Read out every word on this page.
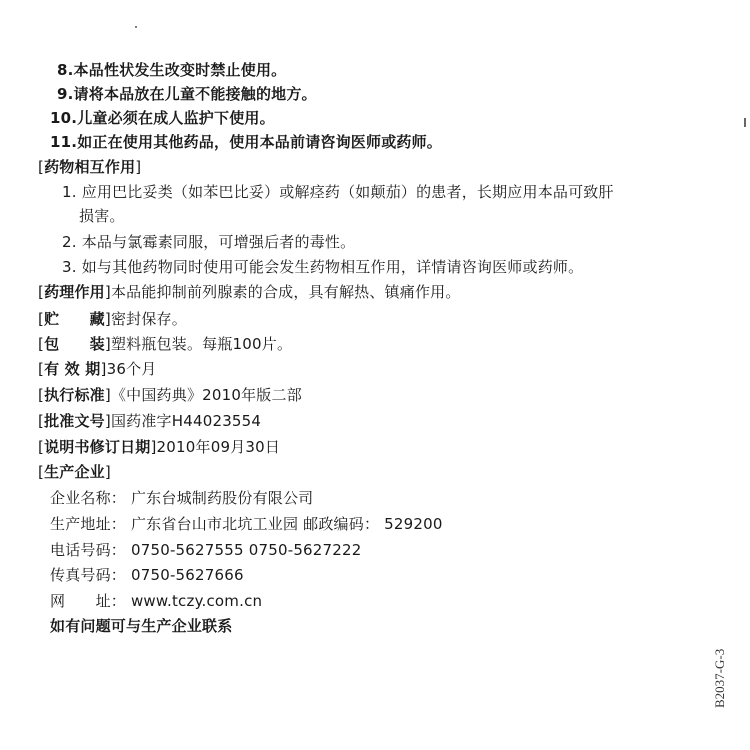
8.本品性状发生改变时禁止使用。
9.请将本品放在儿童不能接触的地方。
10.儿童必须在成人监护下使用。
11.如正在使用其他药品，使用本品前请咨询医师或药师。
[药物相互作用]
1. 应用巴比妥类（如苯巴比妥）或解痉药（如颠茄）的患者，长期应用本品可致肝
损害。
2. 本品与氯霉素同服，可增强后者的毒性。
3. 如与其他药物同时使用可能会发生药物相互作用，详情请咨询医师或药师。
[药理作用]本品能抑制前列腺素的合成，具有解热、镇痛作用。
[贮　　藏]密封保存。
[包　　装]塑料瓶包装。每瓶100片。
[有 效 期]36个月
[执行标准]《中国药典》2010年版二部
[批准文号]国药准字H44023554
[说明书修订日期]2010年09月30日
[生产企业]
企业名称： 广东台城制药股份有限公司
生产地址： 广东省台山市北坑工业园 邮政编码： 529200
电话号码： 0750-5627555 0750-5627222
传真号码： 0750-5627666
网　　址： www.tczy.com.cn
如有问题可与生产企业联系
B2037-G-3
